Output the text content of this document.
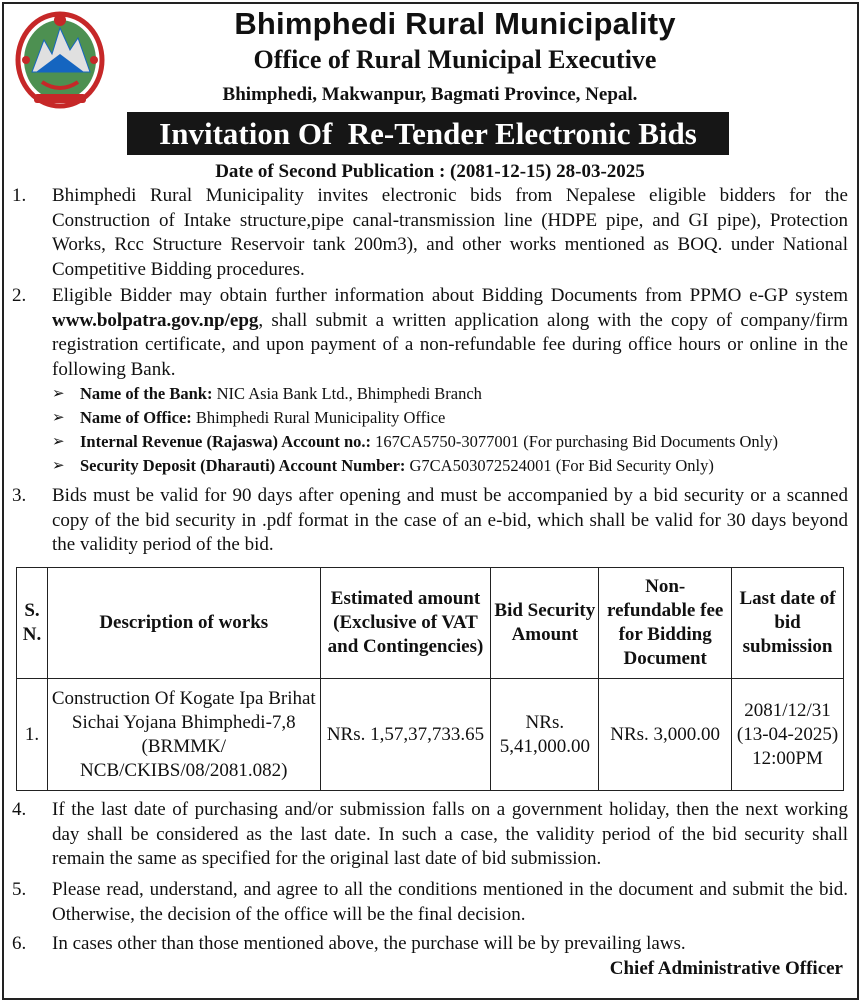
Bhimphedi Rural Municipality
Office of Rural Municipal Executive
Bhimphedi, Makwanpur, Bagmati Province, Nepal.
Invitation Of  Re-Tender Electronic Bids
Date of Second Publication : (2081-12-15) 28-03-2025
1.	Bhimphedi Rural Municipality invites electronic bids from Nepalese eligible bidders for the Construction of Intake structure,pipe canal-transmission line (HDPE pipe, and GI pipe), Protection Works, Rcc Structure Reservoir tank 200m3), and other works mentioned as BOQ. under National Competitive Bidding procedures.
2.	Eligible Bidder may obtain further information about Bidding Documents from PPMO e-GP system www.bolpatra.gov.np/epg, shall submit a written application along with the copy of company/firm registration certificate, and upon payment of a non-refundable fee during office hours or online in the following Bank.
➢ Name of the Bank: NIC Asia Bank Ltd., Bhimphedi Branch
➢ Name of Office: Bhimphedi Rural Municipality Office
➢ Internal Revenue (Rajaswa) Account no.: 167CA5750-3077001 (For purchasing Bid Documents Only)
➢ Security Deposit (Dharauti) Account Number: G7CA503072524001 (For Bid Security Only)
3.	Bids must be valid for 90 days after opening and must be accompanied by a bid security or a scanned copy of the bid security in .pdf format in the case of an e-bid, which shall be valid for 30 days beyond the validity period of the bid.
S. N.	Description of works	Estimated amount (Exclusive of VAT and Contingencies)	Bid Security Amount	Non-refundable fee for Bidding Document	Last date of bid submission
1.	Construction Of Kogate Ipa Brihat Sichai Yojana Bhimphedi-7,8 (BRMMK/ NCB/CKIBS/08/2081.082)	NRs. 1,57,37,733.65	NRs. 5,41,000.00	NRs. 3,000.00	2081/12/31 (13-04-2025) 12:00PM
4.	If the last date of purchasing and/or submission falls on a government holiday, then the next working day shall be considered as the last date. In such a case, the validity period of the bid security shall remain the same as specified for the original last date of bid submission.
5.	Please read, understand, and agree to all the conditions mentioned in the document and submit the bid. Otherwise, the decision of the office will be the final decision.
6.	In cases other than those mentioned above, the purchase will be by prevailing laws.
Chief Administrative Officer
